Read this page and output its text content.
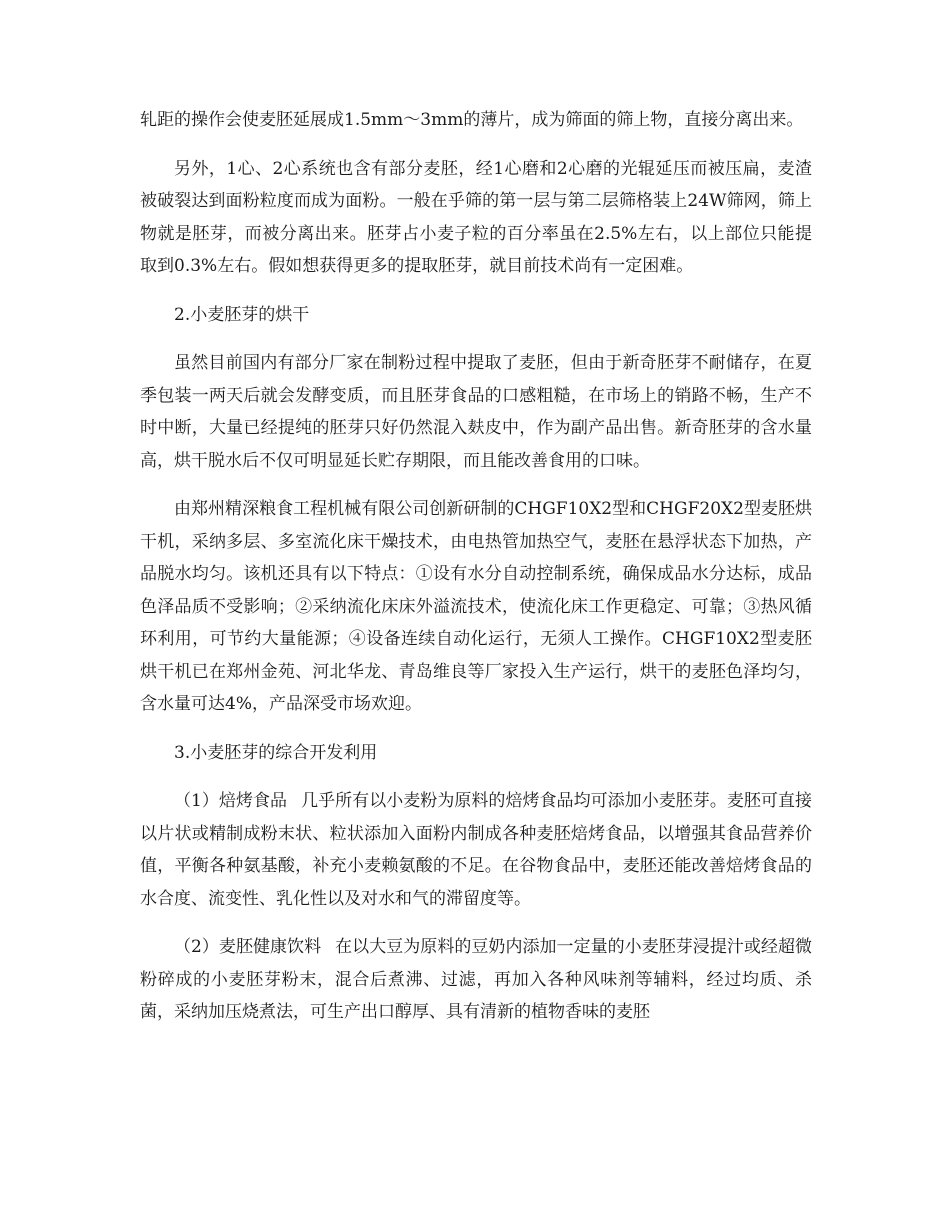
轧距的操作会使麦胚延展成1.5mm～3mm的薄片，成为筛面的筛上物，直接分离出来。

另外，1心、2心系统也含有部分麦胚，经1心磨和2心磨的光辊延压而被压扁，麦渣被破裂达到面粉粒度而成为面粉。一般在乎筛的第一层与第二层筛格装上24W筛网，筛上物就是胚芽，而被分离出来。胚芽占小麦子粒的百分率虽在2.5%左右，以上部位只能提取到0.3%左右。假如想获得更多的提取胚芽，就目前技术尚有一定困难。

2.小麦胚芽的烘干

虽然目前国内有部分厂家在制粉过程中提取了麦胚，但由于新奇胚芽不耐储存，在夏季包装一两天后就会发酵变质，而且胚芽食品的口感粗糙，在市场上的销路不畅，生产不时中断，大量已经提纯的胚芽只好仍然混入麸皮中，作为副产品出售。新奇胚芽的含水量高，烘干脱水后不仅可明显延长贮存期限，而且能改善食用的口味。

由郑州精深粮食工程机械有限公司创新研制的CHGF10X2型和CHGF20X2型麦胚烘干机，采纳多层、多室流化床干燥技术，由电热管加热空气，麦胚在悬浮状态下加热，产品脱水均匀。该机还具有以下特点：①设有水分自动控制系统，确保成品水分达标，成品色泽品质不受影响；②采纳流化床床外溢流技术，使流化床工作更稳定、可靠；③热风循环利用，可节约大量能源；④设备连续自动化运行，无须人工操作。CHGF10X2型麦胚烘干机已在郑州金苑、河北华龙、青岛维良等厂家投入生产运行，烘干的麦胚色泽均匀，含水量可达4%，产品深受市场欢迎。

3.小麦胚芽的综合开发利用

（1）焙烤食品 几乎所有以小麦粉为原料的焙烤食品均可添加小麦胚芽。麦胚可直接以片状或精制成粉末状、粒状添加入面粉内制成各种麦胚焙烤食品，以增强其食品营养价值，平衡各种氨基酸，补充小麦赖氨酸的不足。在谷物食品中，麦胚还能改善焙烤食品的水合度、流变性、乳化性以及对水和气的滞留度等。

（2）麦胚健康饮料 在以大豆为原料的豆奶内添加一定量的小麦胚芽浸提汁或经超微粉碎成的小麦胚芽粉末，混合后煮沸、过滤，再加入各种风味剂等辅料，经过均质、杀菌，采纳加压烧煮法，可生产出口醇厚、具有清新的植物香味的麦胚
